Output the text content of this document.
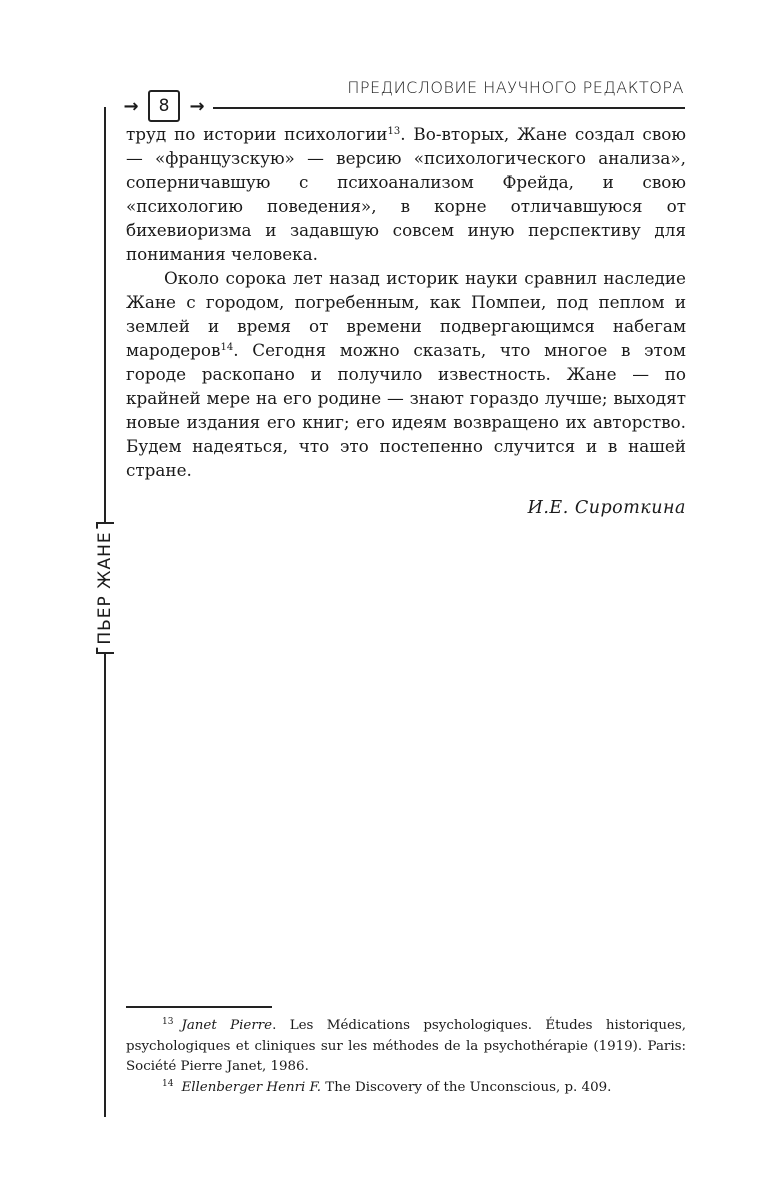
→	8	→
ПРЕДИСЛОВИЕ НАУЧНОГО РЕДАКТОРА
ПЬЕР ЖАНЕ

труд по истории психологии$^{13}$. Во-вторых, Жане создал свою — «французскую» — версию «психологического анализа», соперничавшую с психоанализом Фрейда, и свою «психологию поведения», в корне отличавшуюся от бихевиоризма и задавшую совсем иную перспективу для понимания человека.

Около сорока лет назад историк науки сравнил наследие Жане с городом, погребенным, как Помпеи, под пеплом и землей и время от времени подвергающимся набегам мародеров$^{14}$. Сегодня можно сказать, что многое в этом городе раскопано и получило известность. Жане — по крайней мере на его родине — знают гораздо лучше; выходят новые издания его книг; его идеям возвращено их авторство. Будем надеяться, что это постепенно случится и в нашей стране.

И.Е. Сироткина

$^{13}$ Janet Pierre. Les Médications psychologiques. Études historiques, psychologiques et cliniques sur les méthodes de la psychothérapie (1919). Paris: Société Pierre Janet, 1986.

$^{14}$ Ellenberger Henri F. The Discovery of the Unconscious, p. 409.
